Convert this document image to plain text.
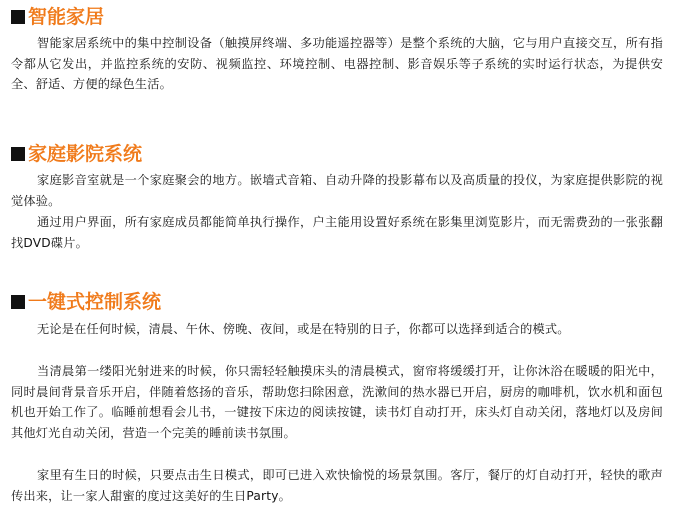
智能家居

智能家居系统中的集中控制设备（触摸屏终端、多功能遥控器等）是整个系统的大脑，它与用户直接交互，所有指令都从它发出，并监控系统的安防、视频监控、环境控制、电器控制、影音娱乐等子系统的实时运行状态，为提供安全、舒适、方便的绿色生活。

家庭影院系统

家庭影音室就是一个家庭聚会的地方。嵌墙式音箱、自动升降的投影幕布以及高质量的投仪，为家庭提供影院的视觉体验。

通过用户界面，所有家庭成员都能简单执行操作，户主能用设置好系统在影集里浏览影片，而无需费劲的一张张翻找DVD碟片。

一键式控制系统

无论是在任何时候，清晨、午休、傍晚、夜间，或是在特别的日子，你都可以选择到适合的模式。

当清晨第一缕阳光射进来的时候，你只需轻轻触摸床头的清晨模式，窗帘将缓缓打开，让你沐浴在暖暖的阳光中，同时晨间背景音乐开启，伴随着悠扬的音乐，帮助您扫除困意，洗漱间的热水器已开启，厨房的咖啡机，饮水机和面包机也开始工作了。临睡前想看会儿书，一键按下床边的阅读按键，读书灯自动打开，床头灯自动关闭，落地灯以及房间其他灯光自动关闭，营造一个完美的睡前读书氛围。

家里有生日的时候，只要点击生日模式，即可已进入欢快愉悦的场景氛围。客厅，餐厅的灯自动打开，轻快的歌声传出来，让一家人甜蜜的度过这美好的生日Party。
